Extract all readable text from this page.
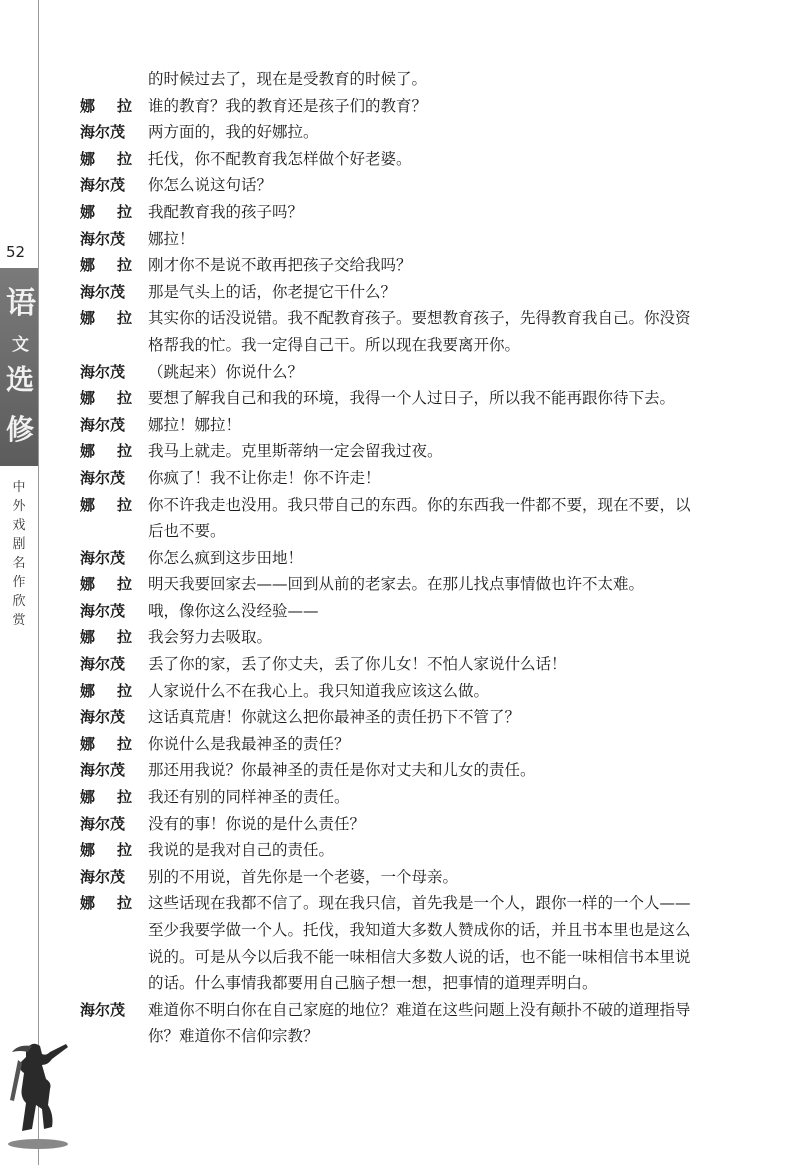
52
语
文
选
修
中外戏剧名作欣赏
的时候过去了，现在是受教育的时候了。
娜 拉 谁的教育？我的教育还是孩子们的教育？
海尔茂	两方面的，我的好娜拉。
娜 拉 托伐，你不配教育我怎样做个好老婆。
海尔茂	你怎么说这句话？
娜 拉 我配教育我的孩子吗？
海尔茂	娜拉！
娜 拉 刚才你不是说不敢再把孩子交给我吗？
海尔茂	那是气头上的话，你老提它干什么？
娜 拉 其实你的话没说错。我不配教育孩子。要想教育孩子，先得教育我自己。你没资
格帮我的忙。我一定得自己干。所以现在我要离开你。
海尔茂	（跳起来）你说什么？
娜 拉 要想了解我自己和我的环境，我得一个人过日子，所以我不能再跟你待下去。
海尔茂	娜拉！娜拉！
娜 拉 我马上就走。克里斯蒂纳一定会留我过夜。
海尔茂	你疯了！我不让你走！你不许走！
娜 拉 你不许我走也没用。我只带自己的东西。你的东西我一件都不要，现在不要，以
后也不要。
海尔茂	你怎么疯到这步田地！
娜 拉 明天我要回家去——回到从前的老家去。在那儿找点事情做也许不太难。
海尔茂	哦，像你这么没经验——
娜 拉 我会努力去吸取。
海尔茂	丢了你的家，丢了你丈夫，丢了你儿女！不怕人家说什么话！
娜 拉 人家说什么不在我心上。我只知道我应该这么做。
海尔茂	这话真荒唐！你就这么把你最神圣的责任扔下不管了？
娜 拉 你说什么是我最神圣的责任？
海尔茂	那还用我说？你最神圣的责任是你对丈夫和儿女的责任。
娜 拉 我还有别的同样神圣的责任。
海尔茂	没有的事！你说的是什么责任？
娜 拉 我说的是我对自己的责任。
海尔茂	别的不用说，首先你是一个老婆，一个母亲。
娜 拉 这些话现在我都不信了。现在我只信，首先我是一个人，跟你一样的一个人——
至少我要学做一个人。托伐，我知道大多数人赞成你的话，并且书本里也是这么
说的。可是从今以后我不能一味相信大多数人说的话，也不能一味相信书本里说
的话。什么事情我都要用自己脑子想一想，把事情的道理弄明白。
海尔茂	难道你不明白你在自己家庭的地位？难道在这些问题上没有颠扑不破的道理指导
你？难道你不信仰宗教？
